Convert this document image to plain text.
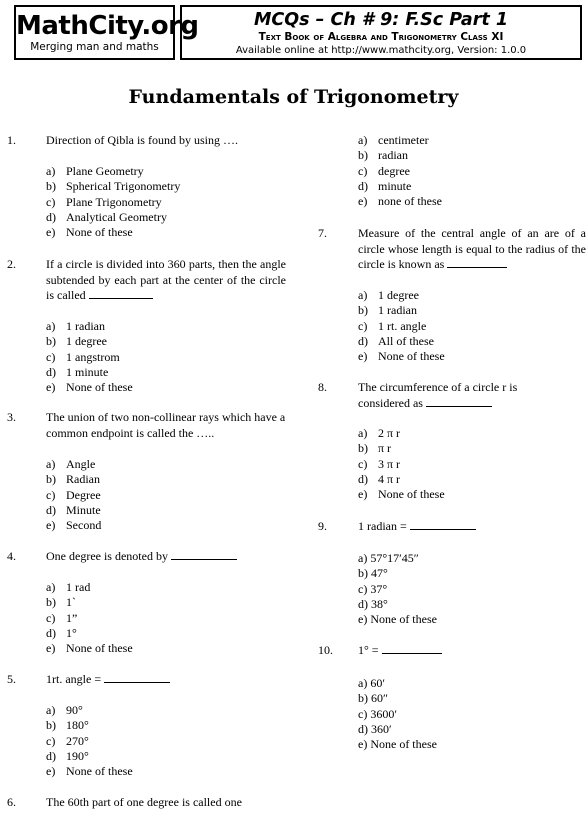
MathCity.org
Merging man and maths
MCQs – Ch # 9: F.Sc Part 1
Text Book of Algebra and Trigonometry Class XI
Available online at http://www.mathcity.org, Version: 1.0.0
Fundamentals of Trigonometry
1.	Direction of Qibla is found by using ….
a) Plane Geometry
b) Spherical Trigonometry
c) Plane Trigonometry
d) Analytical Geometry
e) None of these
2.	If a circle is divided into 360 parts, then the angle subtended by each part at the center of the circle is called
a) 1 radian
b) 1 degree
c) 1 angstrom
d) 1 minute
e) None of these
3.	The union of two non-collinear rays which have a common endpoint is called the …..
a) Angle
b) Radian
c) Degree
d) Minute
e) Second
4.	One degree is denoted by
a) 1 rad
b) 1`
c) 1”
d) 1°
e) None of these
5.	1rt. angle =
a) 90°
b) 180°
c) 270°
d) 190°
e) None of these
6.	The 60th part of one degree is called one
a) centimeter
b) radian
c) degree
d) minute
e) none of these
7.	Measure of the central angle of an are of a circle whose length is equal to the radius of the circle is known as
a) 1 degree
b) 1 radian
c) 1 rt. angle
d) All of these
e) None of these
8.	The circumference of a circle r is considered as
a) 2 π r
b) π r
c) 3 π r
d) 4 π r
e) None of these
9.	1 radian =
a) 57°17′45″
b) 47°
c) 37°
d) 38°
e) None of these
10. 1° =
a) 60′
b) 60″
c) 3600′
d) 360′
e) None of these
